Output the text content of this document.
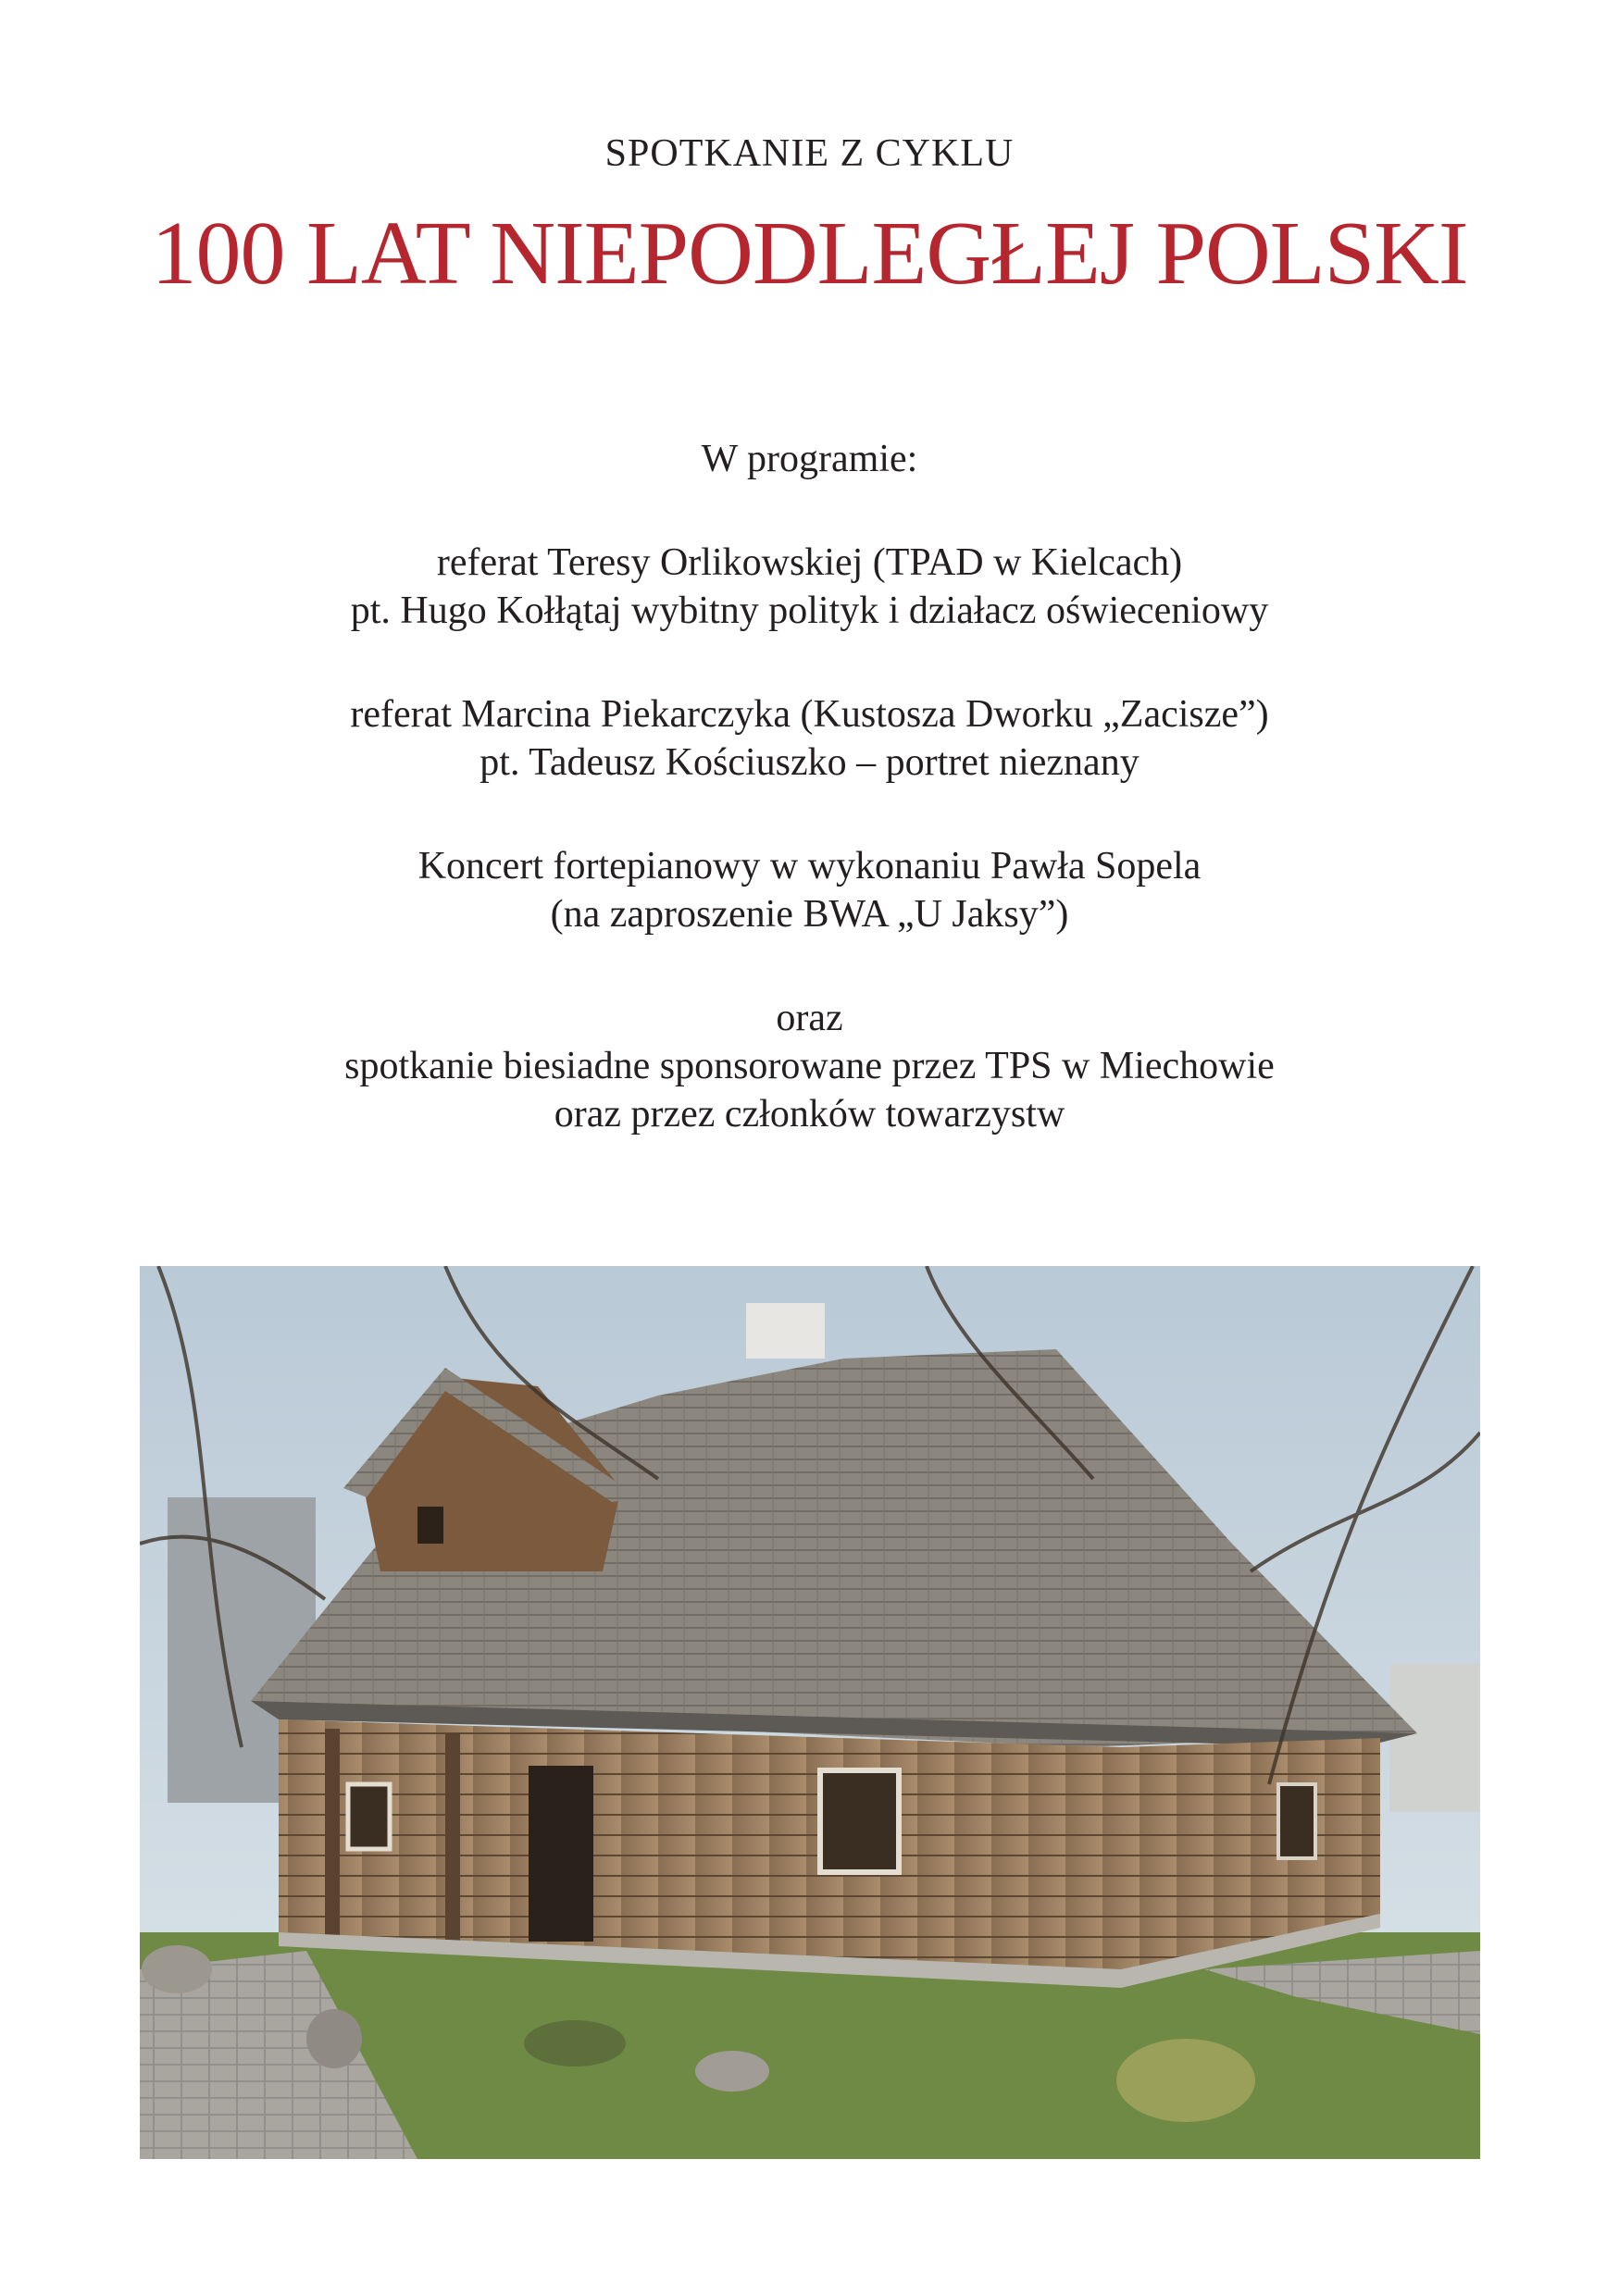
SPOTKANIE Z CYKLU
100 LAT NIEPODLEGŁEJ POLSKI

W programie:

referat Teresy Orlikowskiej (TPAD w Kielcach)

pt. Hugo Kołłątaj wybitny polityk i działacz oświeceniowy

referat Marcina Piekarczyka (Kustosza Dworku „Zacisze”)

pt. Tadeusz Kościuszko – portret nieznany

Koncert fortepianowy w wykonaniu Pawła Sopela

(na zaproszenie BWA „U Jaksy”)

oraz

spotkanie biesiadne sponsorowane przez TPS w Miechowie

oraz przez członków towarzystw
